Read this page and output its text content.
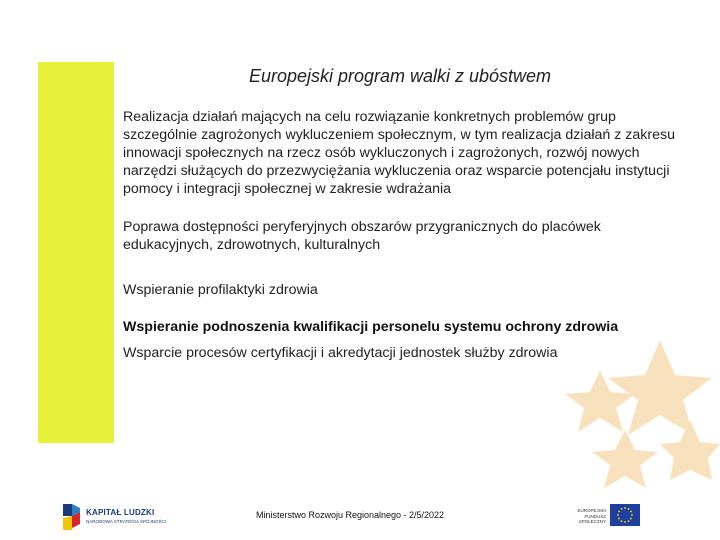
Europejski program walki z ubóstwem

Realizacja działań mających na celu rozwiązanie konkretnych problemów grup szczególnie zagrożonych wykluczeniem społecznym, w tym realizacja działań z zakresu innowacji społecznych na rzecz osób wykluczonych i zagrożonych, rozwój nowych narzędzi służących do przezwyciężania wykluczenia oraz wsparcie potencjału instytucji pomocy i integracji społecznej w zakresie wdrażania

Poprawa dostępności peryferyjnych obszarów przygranicznych do placówek edukacyjnych, zdrowotnych, kulturalnych

Wspieranie profilaktyki zdrowia

Wspieranie podnoszenia kwalifikacji personelu systemu ochrony zdrowia

Wsparcie procesów certyfikacji i akredytacji jednostek służby zdrowia

KAPITAŁ LUDZKI
NARODOWA STRATEGIA SPÓJNOŚCI
Ministerstwo Rozwoju Regionalnego - 2/5/2022	EUROPEJSKI FUNDUSZ SPOŁECZNY
